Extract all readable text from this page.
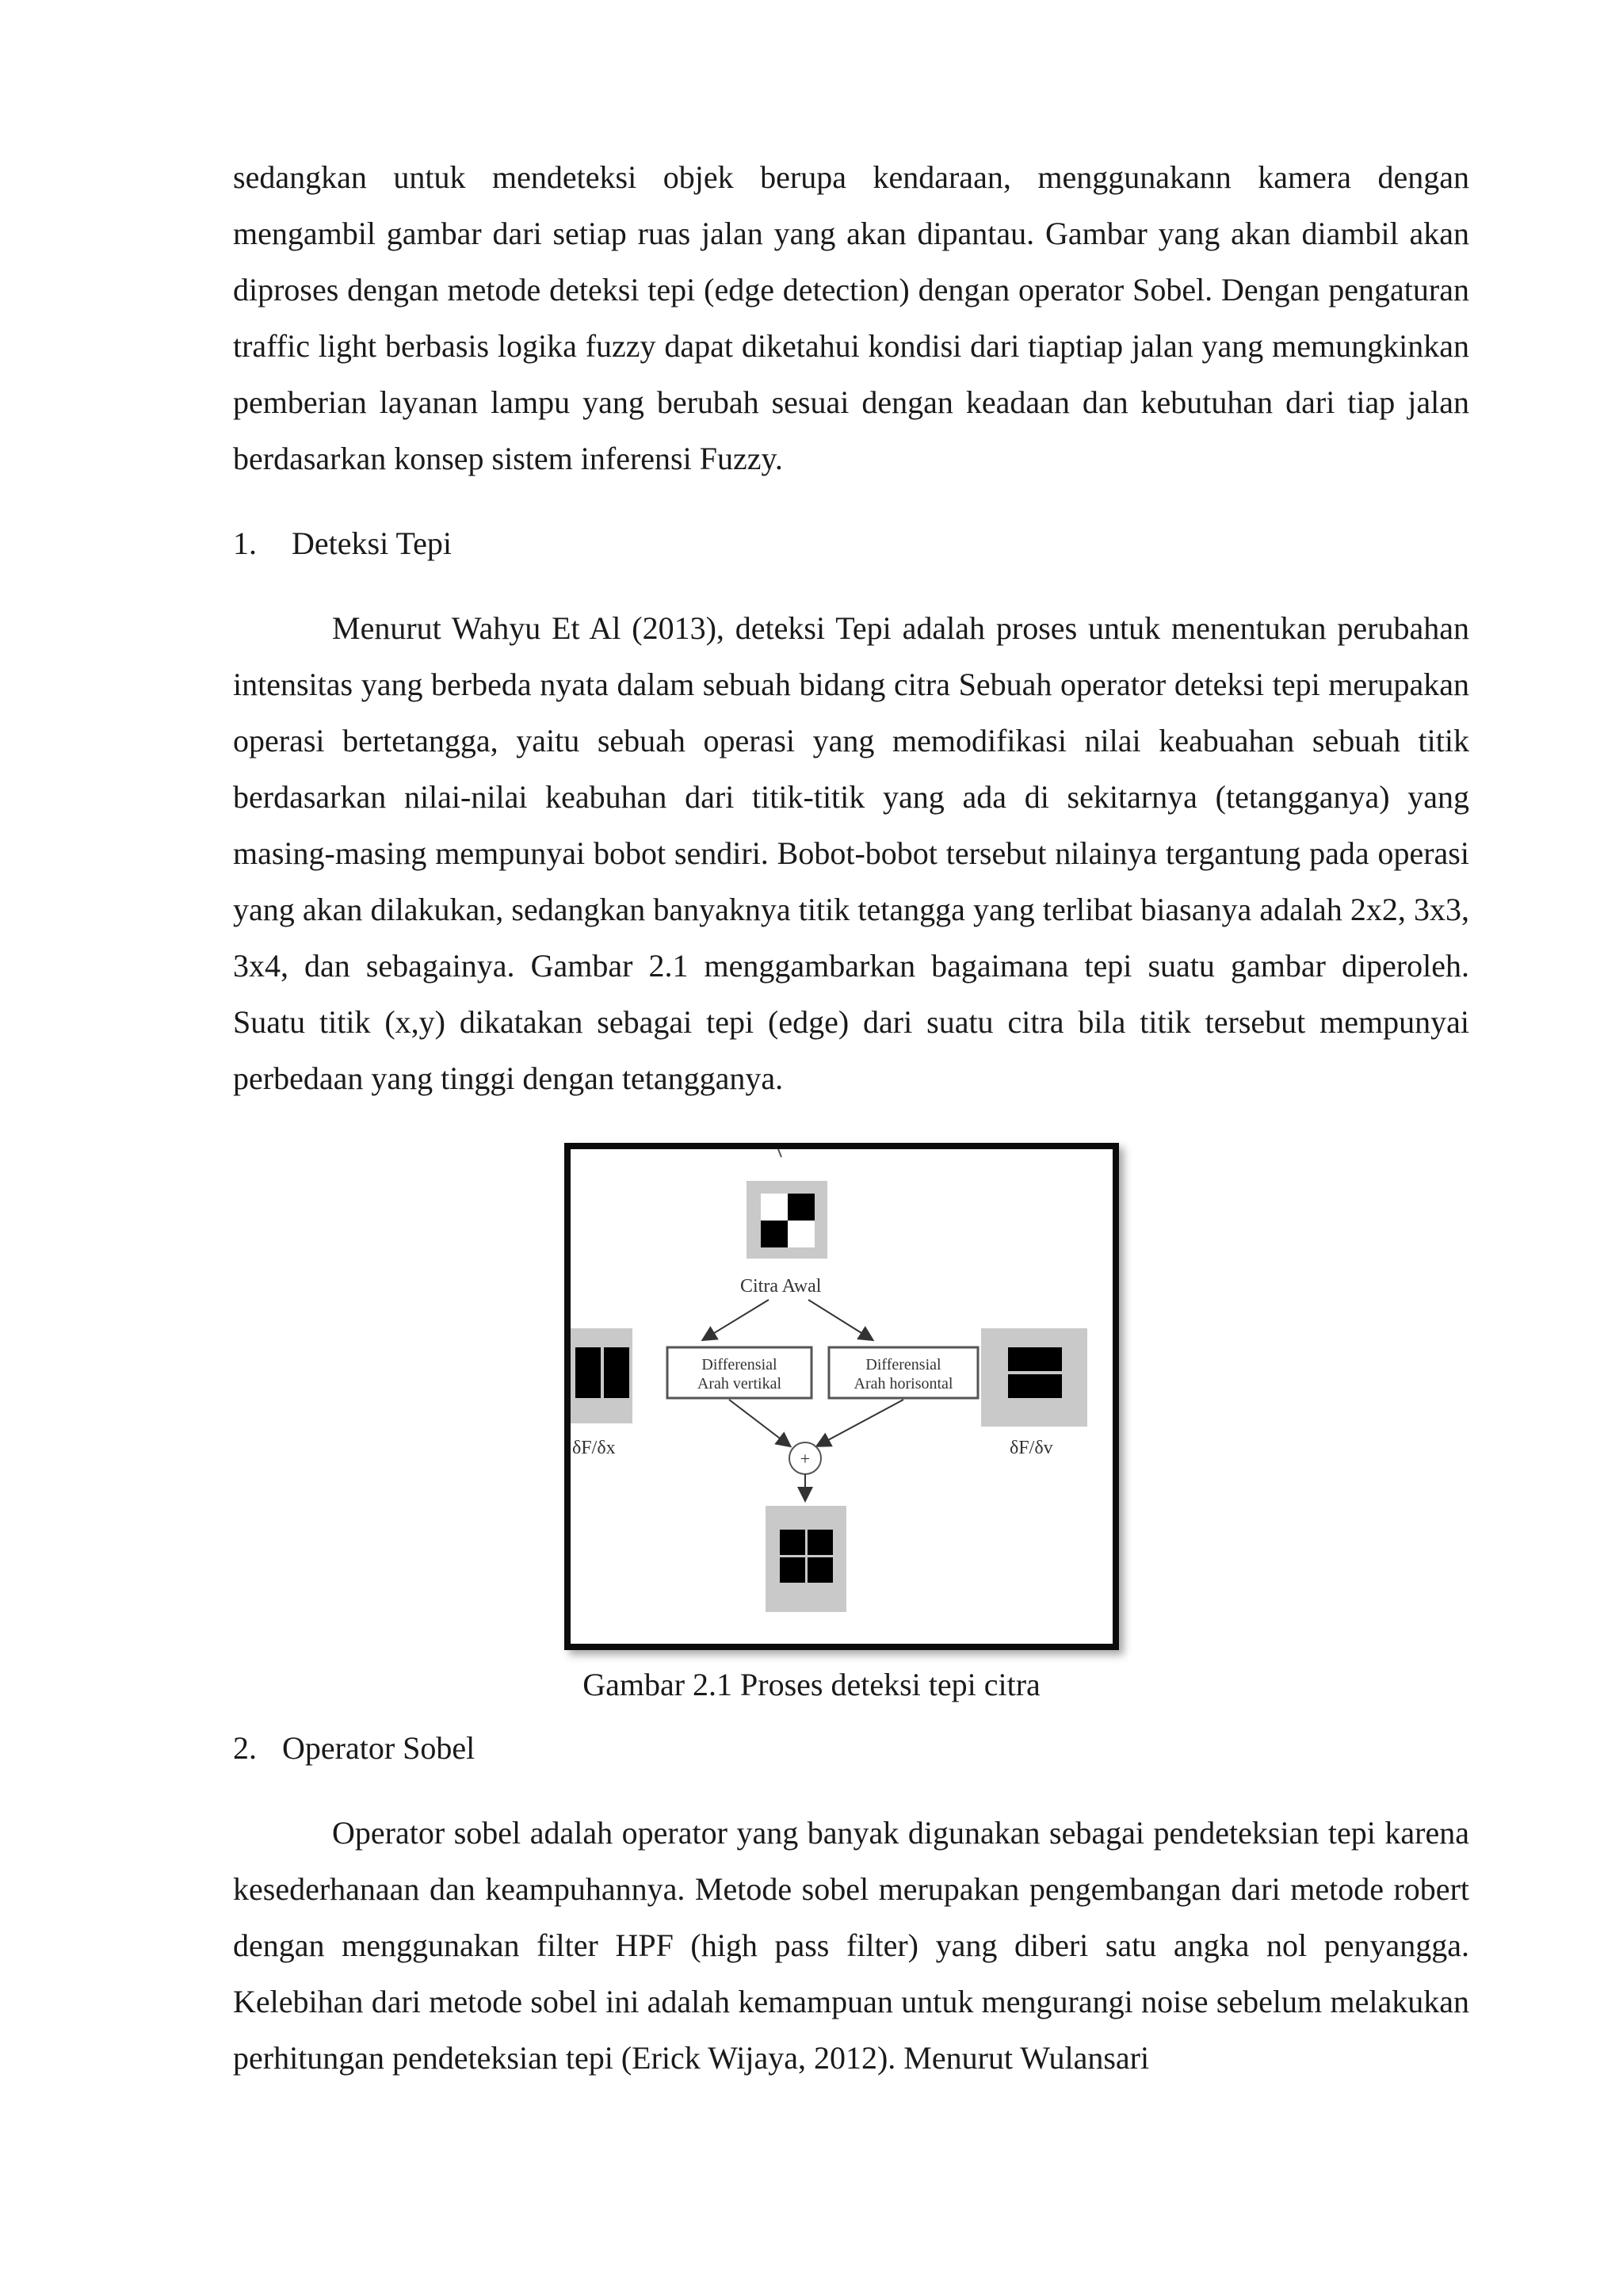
sedangkan untuk mendeteksi objek berupa kendaraan, menggunakann kamera dengan mengambil gambar dari setiap ruas jalan yang akan dipantau. Gambar yang akan diambil akan diproses dengan metode deteksi tepi (edge detection) dengan operator Sobel. Dengan pengaturan traffic light berbasis logika fuzzy dapat diketahui kondisi dari tiaptiap jalan yang memungkinkan pemberian layanan lampu yang berubah sesuai dengan keadaan dan kebutuhan dari tiap jalan berdasarkan konsep sistem inferensi Fuzzy.

1. Deteksi Tepi

Menurut Wahyu Et Al (2013), deteksi Tepi adalah proses untuk menentukan perubahan intensitas yang berbeda nyata dalam sebuah bidang citra Sebuah operator deteksi tepi merupakan operasi bertetangga, yaitu sebuah operasi yang memodifikasi nilai keabuahan sebuah titik berdasarkan nilai-nilai keabuhan dari titik-titik yang ada di sekitarnya (tetangganya) yang masing-masing mempunyai bobot sendiri. Bobot-bobot tersebut nilainya tergantung pada operasi yang akan dilakukan, sedangkan banyaknya titik tetangga yang terlibat biasanya adalah 2x2, 3x3, 3x4, dan sebagainya. Gambar 2.1 menggambarkan bagaimana tepi suatu gambar diperoleh. Suatu titik (x,y) dikatakan sebagai tepi (edge) dari suatu citra bila titik tersebut mempunyai perbedaan yang tinggi dengan tetangganya.

Citra Awal
Differensial
Arah vertikal
Differensial
Arah horisontal
δF/δx	δF/δv
+
Gambar 2.1 Proses deteksi tepi citra

2. Operator Sobel

Operator sobel adalah operator yang banyak digunakan sebagai pendeteksian tepi karena kesederhanaan dan keampuhannya. Metode sobel merupakan pengembangan dari metode robert dengan menggunakan filter HPF (high pass filter) yang diberi satu angka nol penyangga. Kelebihan dari metode sobel ini adalah kemampuan untuk mengurangi noise sebelum melakukan perhitungan pendeteksian tepi (Erick Wijaya, 2012). Menurut Wulansari
